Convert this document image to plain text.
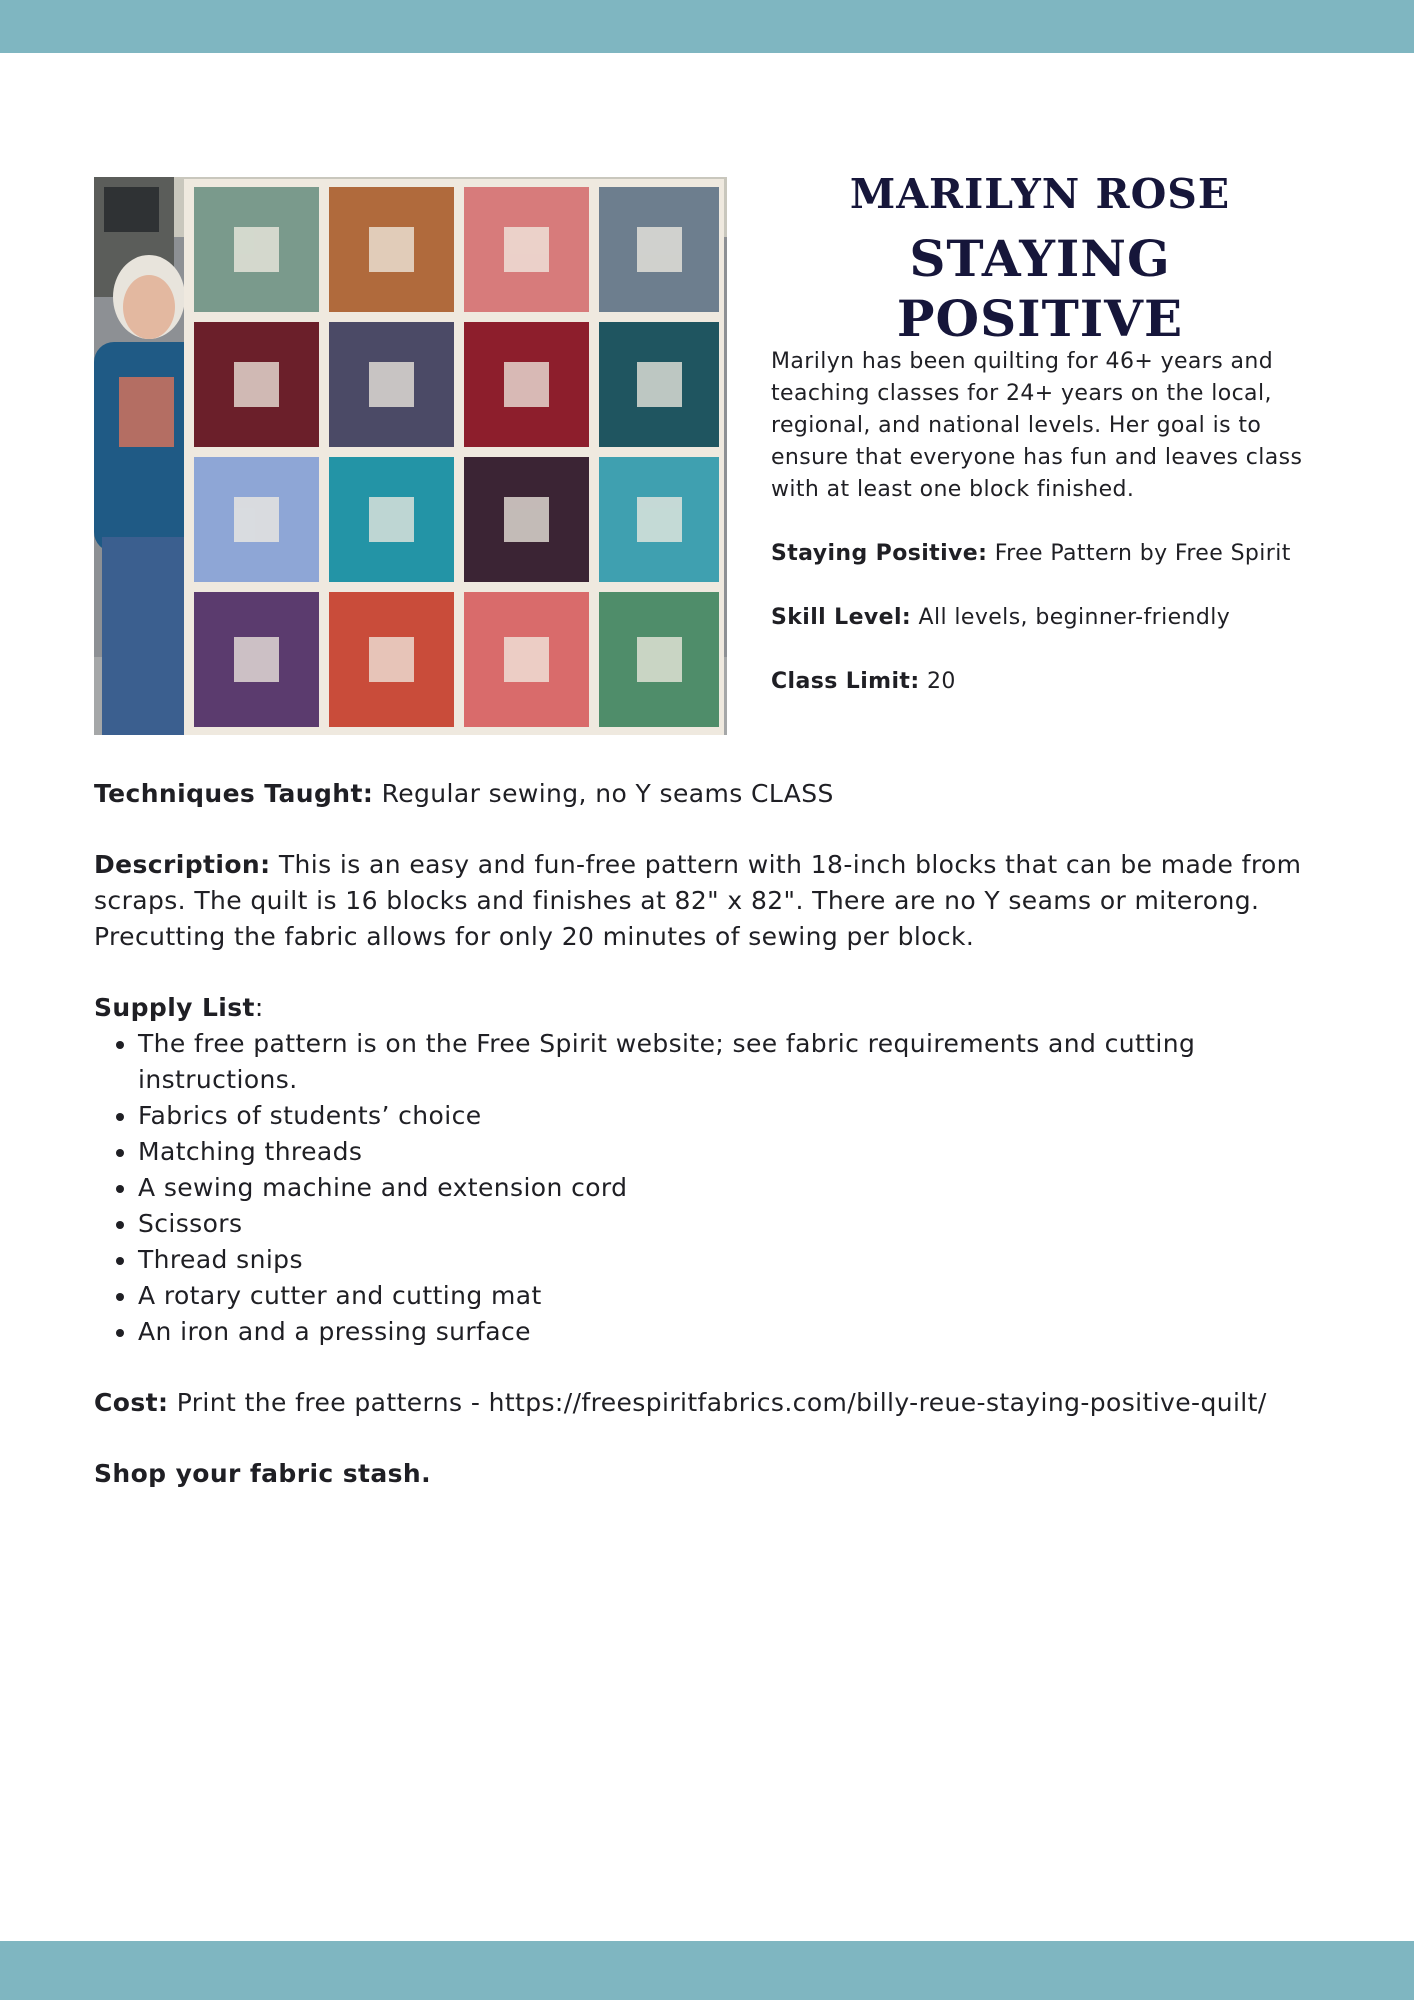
MARILYN ROSE
STAYING POSITIVE

Marilyn has been quilting for 46+ years and teaching classes for 24+ years on the local, regional, and national levels. Her goal is to ensure that everyone has fun and leaves class with at least one block finished.

Staying Positive: Free Pattern by Free Spirit

Skill Level: All levels, beginner-friendly

Class Limit: 20

Techniques Taught: Regular sewing, no Y seams CLASS

Description: This is an easy and fun-free pattern with 18-inch blocks that can be made from scraps. The quilt is 16 blocks and finishes at 82" x 82". There are no Y seams or miterong. Precutting the fabric allows for only 20 minutes of sewing per block.

Supply List:
• The free pattern is on the Free Spirit website; see fabric requirements and cutting instructions.
• Fabrics of students’ choice
• Matching threads
• A sewing machine and extension cord
• Scissors
• Thread snips
• A rotary cutter and cutting mat
• An iron and a pressing surface

Cost: Print the free patterns - https://freespiritfabrics.com/billy-reue-staying-positive-quilt/

Shop your fabric stash.
